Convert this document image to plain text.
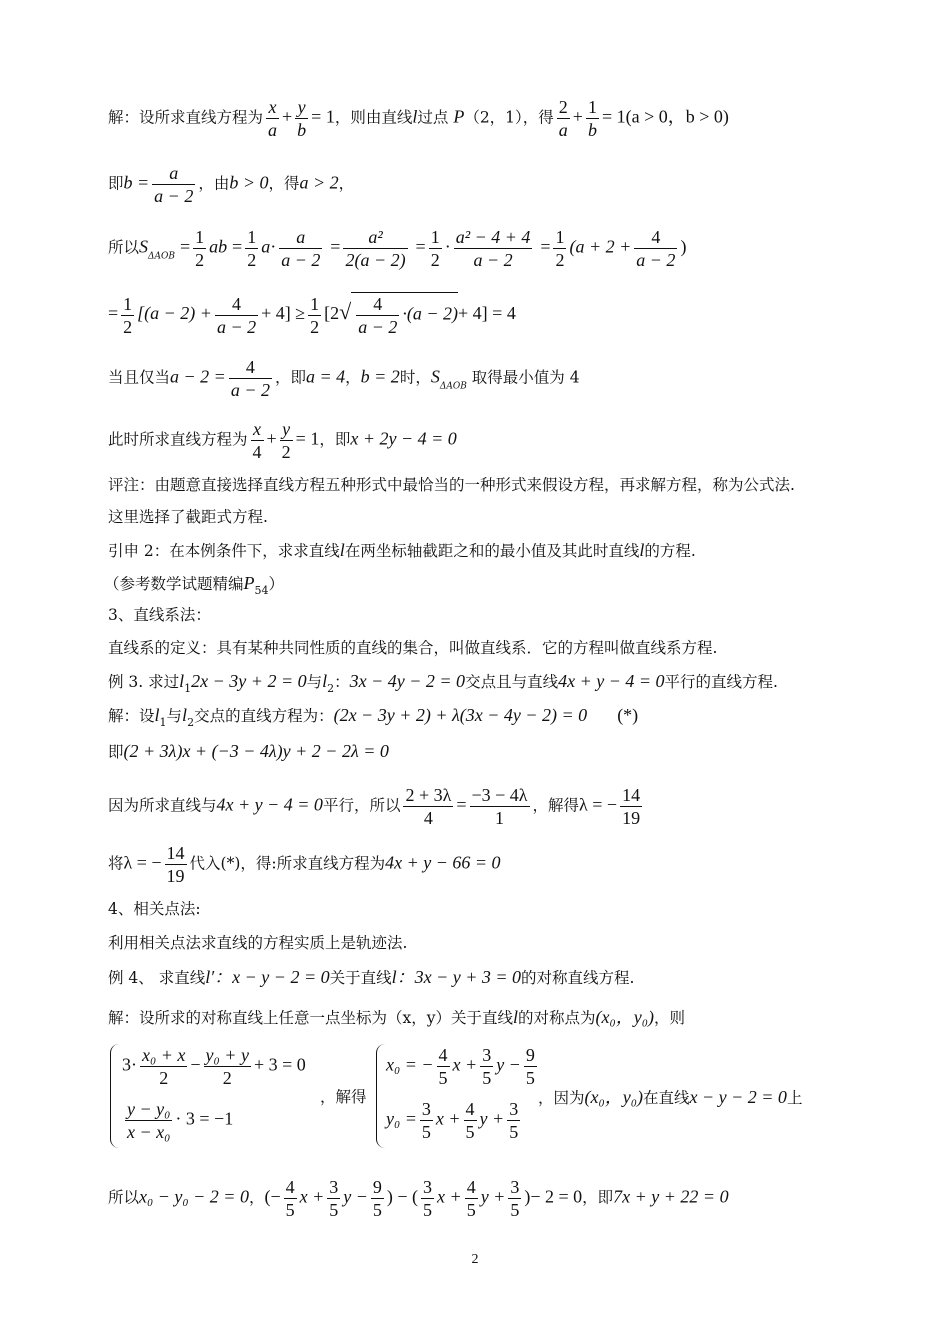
解：设所求直线方程为 $\frac{x}{a} + \frac{y}{b} = 1$，则由直线l过点 P（2，1），得 $\frac{2}{a} + \frac{1}{b} = 1(a > 0$，b > 0)
即$b = \frac{a}{a - 2}$ ，由b > 0，得a > 2，
所以$S_{\Delta AOB} = \frac{1}{2}$ ab = $\frac{1}{2} a\cdot \frac{a}{a - 2} = \frac{\text{a²}}{2(a - 2)} = \frac{1}{2} \cdot \frac{\text{a² − 4 + 4}}{a - 2} = \frac{1}{2} (a + 2 + \frac{4}{a - 2}$ )
= $\frac{1}{2} [(a - 2) + \frac{4}{a - 2} + 4] \ge \frac{1}{2} [2√ \frac{4}{a - 2} \cdot(a - 2)+ 4] = 4$
当且仅当$a - 2 = \frac{4}{a - 2}$ ，即a = 4，b = 2时，$S_{\Delta AOB}$ 取得最小值为 4
此时所求直线方程为 $\frac{x}{4} + \frac{y}{2} = 1$，即x + 2y − 4 = 0
评注：由题意直接选择直线方程五种形式中最恰当的一种形式来假设方程，再求解方程，称为公式法.
这里选择了截距式方程.
引申 2：在本例条件下，求求直线l在两坐标轴截距之和的最小值及其此时直线l的方程.
（参考数学试题精编$P_{54}$）
3、直线系法：
直线系的定义：具有某种共同性质的直线的集合，叫做直线系．它的方程叫做直线系方程.
例 3. 求过$l_12x - 3y + 2 = 0$与$l_2$：3x − 4y − 2 = 0交点且与直线4x + y − 4 = 0平行的直线方程.
解：设$l_1$与$l_2$交点的直线方程为：(2x − 3y + 2) + λ(3x − 4y − 2) = 0 (*)
即(2 + 3λ)x + (−3 − 4λ)y + 2 − 2λ = 0
因为所求直线与4x + y − 4 = 0平行，所以 $\frac{2 + 3\lambda}{4} = \frac{-3 - 4\lambda}{1}$ ，解得λ = − $\frac{14}{19}$
将λ = − $\frac{14}{19}$ 代入(*)，得:所求直线方程为4x + y − 66 = 0
4、相关点法:
利用相关点法求直线的方程实质上是轨迹法.
例 4、 求直线l′：x − y − 2 = 0关于直线l：3x − y + 3 = 0的对称直线方程.
解：设所求的对称直线上任意一点坐标为（x，y）关于直线l的对称点为(x₀，y₀)，则
$3\cdot \frac{\text{x₀ + x}}{2} - \frac{\text{y₀ + y}}{2} + 3 = 0$
$\frac{\text{y − y₀}}{\text{x − x₀}} \cdot 3 = -1$
，解得
x₀ = − $\frac{4}{5}$ $x + \frac{3}{5}$ $y - \frac{9}{5}$
$y_0 = \frac{3}{5}$ $x + \frac{4}{5}$ $y + \frac{3}{5}$ ，因为(x₀，y₀)在直线x − y − 2 = 0上
所以x₀ − y₀ − 2 = 0，(− $\frac{4}{5}$ $x + \frac{3}{5}$ $y - \frac{9}{5}$ ) − ( $\frac{3}{5}$ $x + \frac{4}{5}$ $y + \frac{3}{5}$ )− 2 = 0，即7x + y + 22 = 0
2
